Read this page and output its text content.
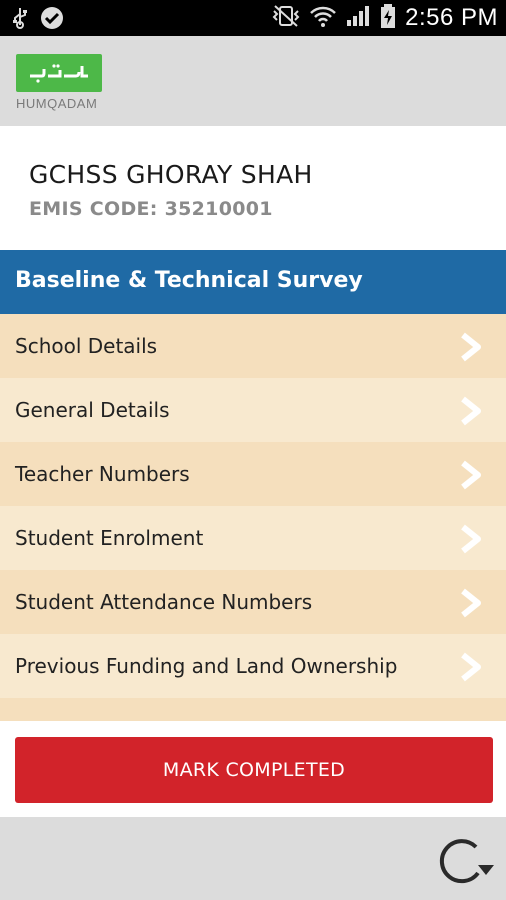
2:56 PM
HUMQADAM
GCHSS GHORAY SHAH
EMIS CODE: 35210001
Baseline & Technical Survey
School Details
General Details
Teacher Numbers
Student Enrolment
Student Attendance Numbers
Previous Funding and Land Ownership
MARK COMPLETED
